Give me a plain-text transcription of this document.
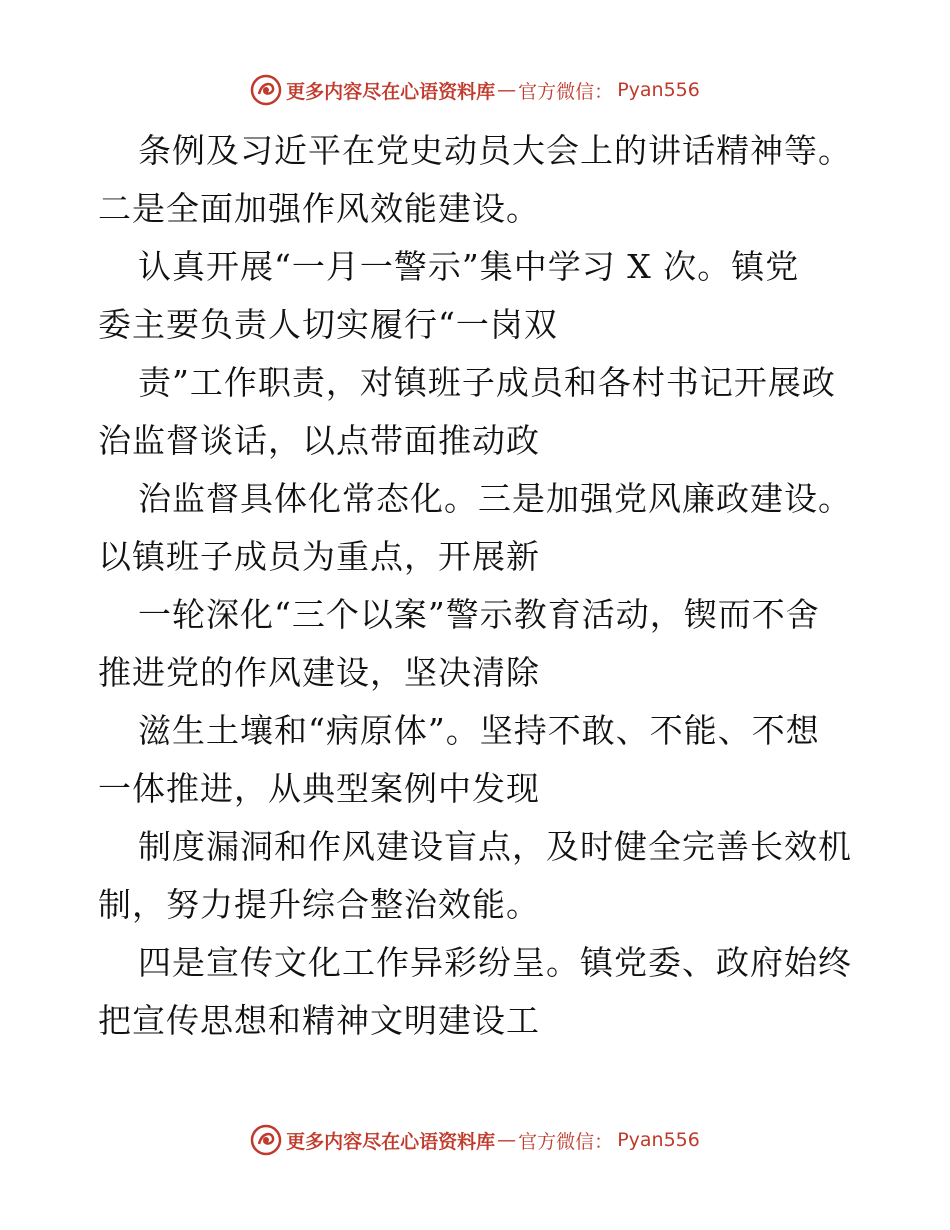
更多内容尽在心语资料库 — 官方微信： Pyan556
条例及习近平在党史动员大会上的讲话精神等。
二是全面加强作风效能建设。
认真开展“一月一警示”集中学习 X 次。镇党
委主要负责人切实履行“一岗双
责”工作职责，对镇班子成员和各村书记开展政
治监督谈话，以点带面推动政
治监督具体化常态化。三是加强党风廉政建设。
以镇班子成员为重点，开展新
一轮深化“三个以案”警示教育活动，锲而不舍
推进党的作风建设，坚决清除
滋生土壤和“病原体”。坚持不敢、不能、不想
一体推进，从典型案例中发现
制度漏洞和作风建设盲点，及时健全完善长效机
制，努力提升综合整治效能。
四是宣传文化工作异彩纷呈。镇党委、政府始终
把宣传思想和精神文明建设工
更多内容尽在心语资料库 — 官方微信： Pyan556
